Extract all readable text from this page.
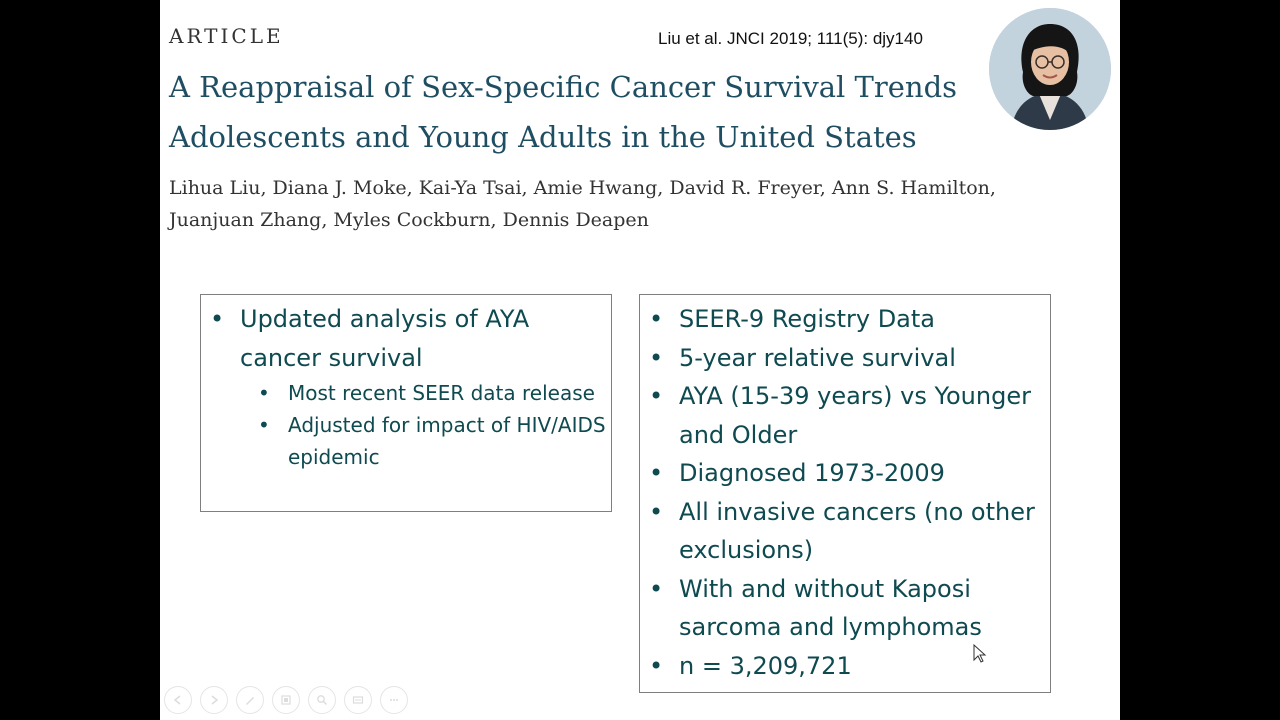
ARTICLE	Liu et al. JNCI 2019; 111(5): djy140
A Reappraisal of Sex-Specific Cancer Survival Trends
Adolescents and Young Adults in the United States
Lihua Liu, Diana J. Moke, Kai-Ya Tsai, Amie Hwang, David R. Freyer, Ann S. Hamilton,
Juanjuan Zhang, Myles Cockburn, Dennis Deapen
• Updated analysis of AYA cancer survival
• Most recent SEER data release
• Adjusted for impact of HIV/AIDS epidemic
• SEER-9 Registry Data
• 5-year relative survival
• AYA (15-39 years) vs Younger and Older
• Diagnosed 1973-2009
• All invasive cancers (no other exclusions)
• With and without Kaposi sarcoma and lymphomas
• n = 3,209,721
